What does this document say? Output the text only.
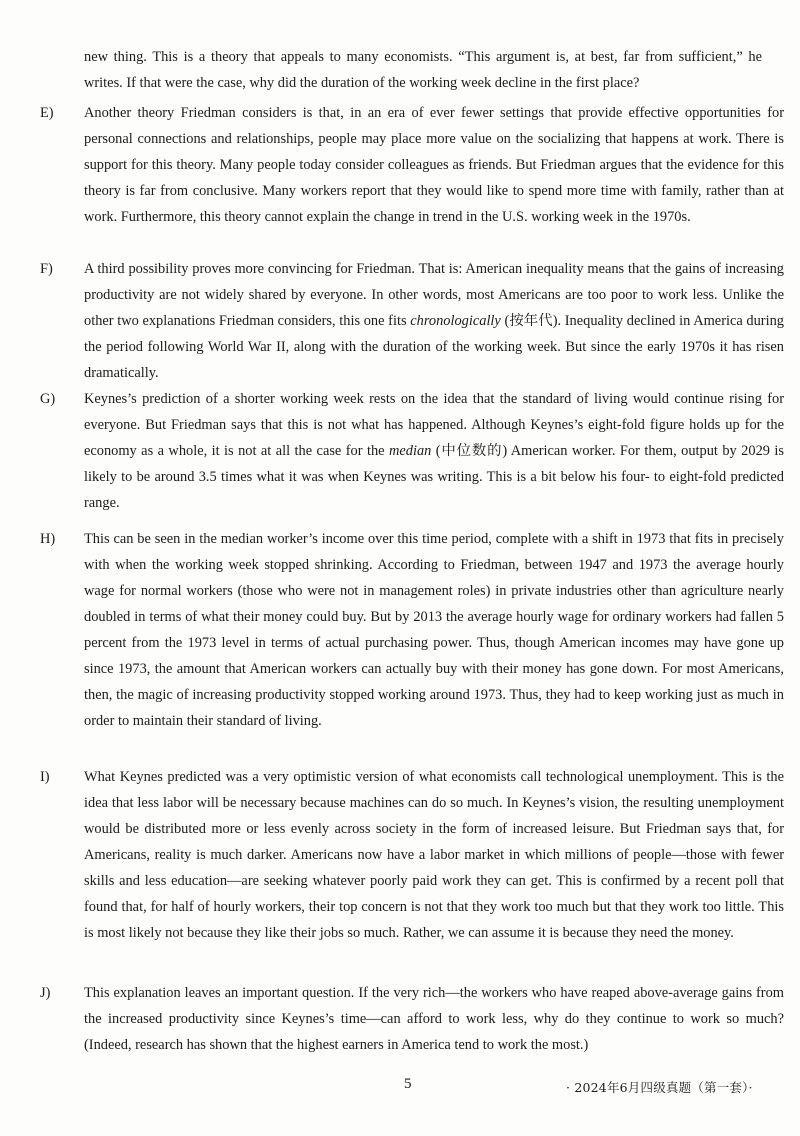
new thing. This is a theory that appeals to many economists. “This argument is, at best, far from sufficient,” he writes. If that were the case, why did the duration of the working week decline in the first place?
E) Another theory Friedman considers is that, in an era of ever fewer settings that provide effective opportunities for personal connections and relationships, people may place more value on the socializing that happens at work. There is support for this theory. Many people today consider colleagues as friends. But Friedman argues that the evidence for this theory is far from conclusive. Many workers report that they would like to spend more time with family, rather than at work. Furthermore, this theory cannot explain the change in trend in the U.S. working week in the 1970s.
F) A third possibility proves more convincing for Friedman. That is: American inequality means that the gains of increasing productivity are not widely shared by everyone. In other words, most Americans are too poor to work less. Unlike the other two explanations Friedman considers, this one fits chronologically (按年代). Inequality declined in America during the period following World War II, along with the duration of the working week. But since the early 1970s it has risen dramatically.
G) Keynes’s prediction of a shorter working week rests on the idea that the standard of living would continue rising for everyone. But Friedman says that this is not what has happened. Although Keynes’s eight-fold figure holds up for the economy as a whole, it is not at all the case for the median (中位数的) American worker. For them, output by 2029 is likely to be around 3.5 times what it was when Keynes was writing. This is a bit below his four- to eight-fold predicted range.
H) This can be seen in the median worker’s income over this time period, complete with a shift in 1973 that fits in precisely with when the working week stopped shrinking. According to Friedman, between 1947 and 1973 the average hourly wage for normal workers (those who were not in management roles) in private industries other than agriculture nearly doubled in terms of what their money could buy. But by 2013 the average hourly wage for ordinary workers had fallen 5 percent from the 1973 level in terms of actual purchasing power. Thus, though American incomes may have gone up since 1973, the amount that American workers can actually buy with their money has gone down. For most Americans, then, the magic of increasing productivity stopped working around 1973. Thus, they had to keep working just as much in order to maintain their standard of living.
I) What Keynes predicted was a very optimistic version of what economists call technological unemployment. This is the idea that less labor will be necessary because machines can do so much. In Keynes’s vision, the resulting unemployment would be distributed more or less evenly across society in the form of increased leisure. But Friedman says that, for Americans, reality is much darker. Americans now have a labor market in which millions of people—those with fewer skills and less education—are seeking whatever poorly paid work they can get. This is confirmed by a recent poll that found that, for half of hourly workers, their top concern is not that they work too much but that they work too little. This is most likely not because they like their jobs so much. Rather, we can assume it is because they need the money.
J) This explanation leaves an important question. If the very rich—the workers who have reaped above-average gains from the increased productivity since Keynes’s time—can afford to work less, why do they continue to work so much? (Indeed, research has shown that the highest earners in America tend to work the most.)
5	· 2024年6月四级真题（第一套）·
